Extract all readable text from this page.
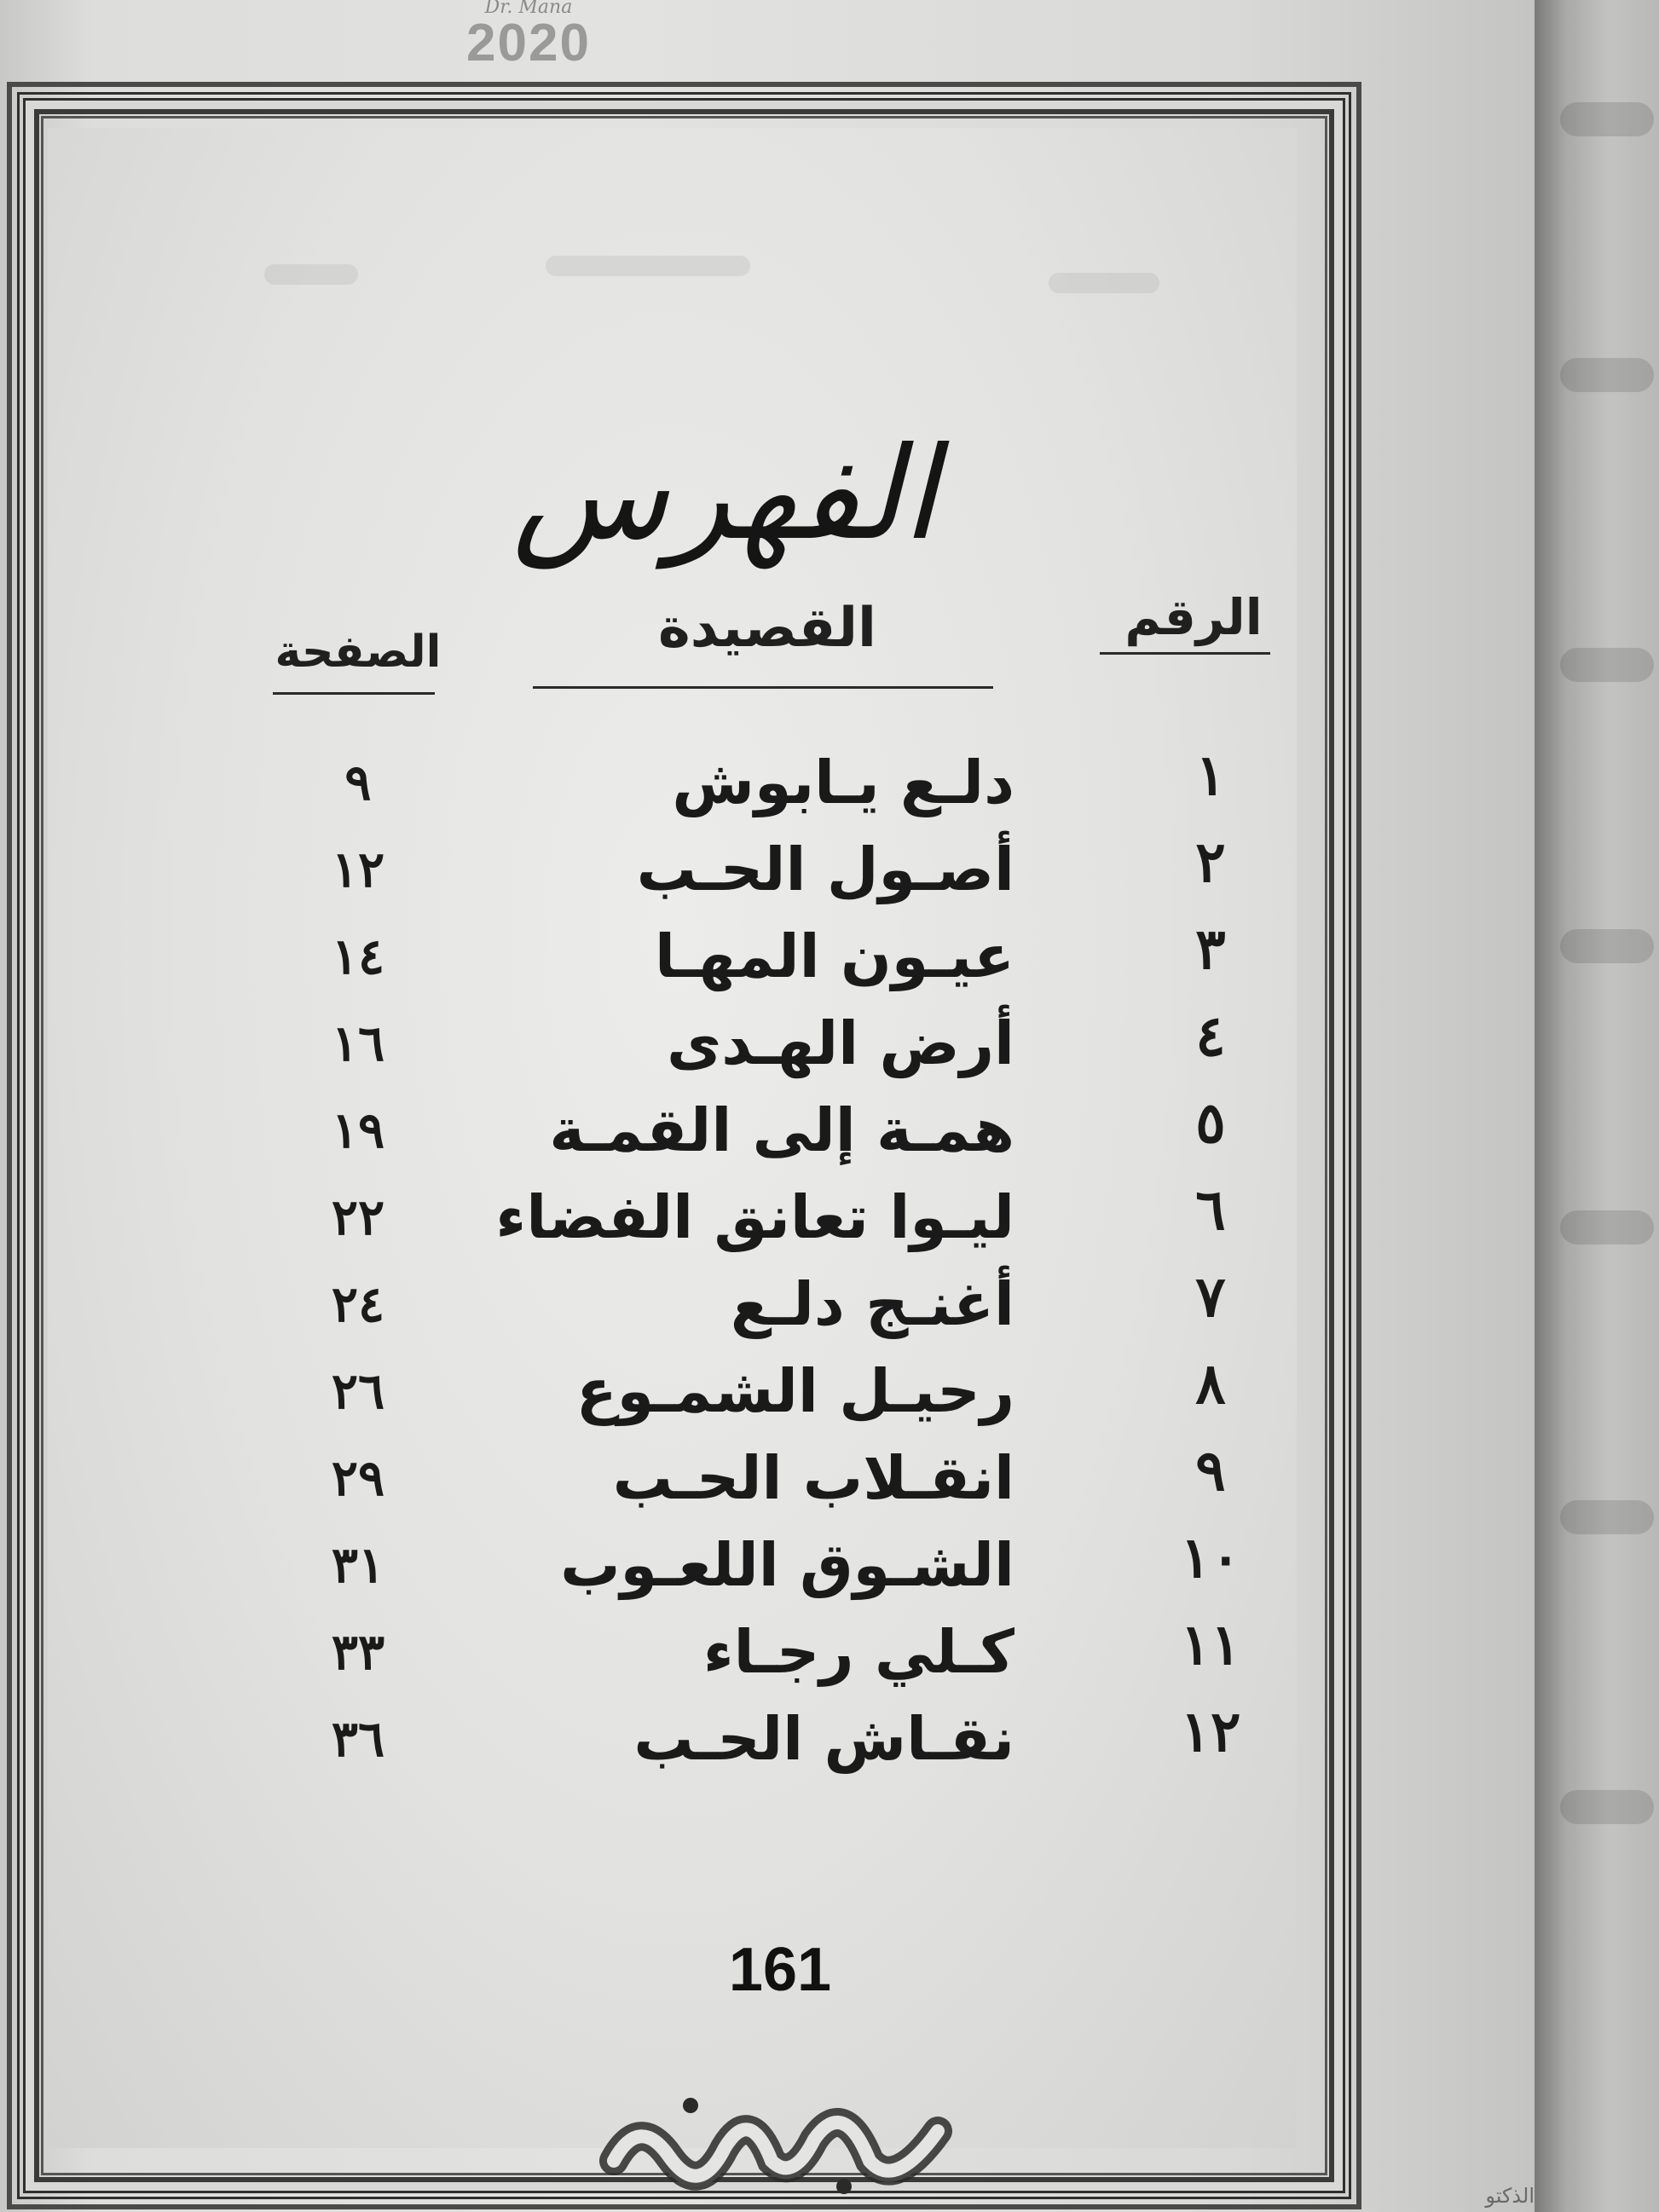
Dr. Mana
2020
الفهرس
الرقم
القصيدة
الصفحة
١
دلـع يـابوش
٩
٢
أصـول الحـب
١٢
٣
عيـون المهـا
١٤
٤
أرض الهـدى
١٦
٥
همـة إلى القمـة
١٩
٦
ليـوا تعانق الفضاء
٢٢
٧
أغنـج دلـع
٢٤
٨
رحيـل الشمـوع
٢٦
٩
انقـلاب الحـب
٢٩
١٠
الشـوق اللعـوب
٣١
١١
كـلي رجـاء
٣٣
١٢
نقـاش الحـب
٣٦
161
الذكتو
